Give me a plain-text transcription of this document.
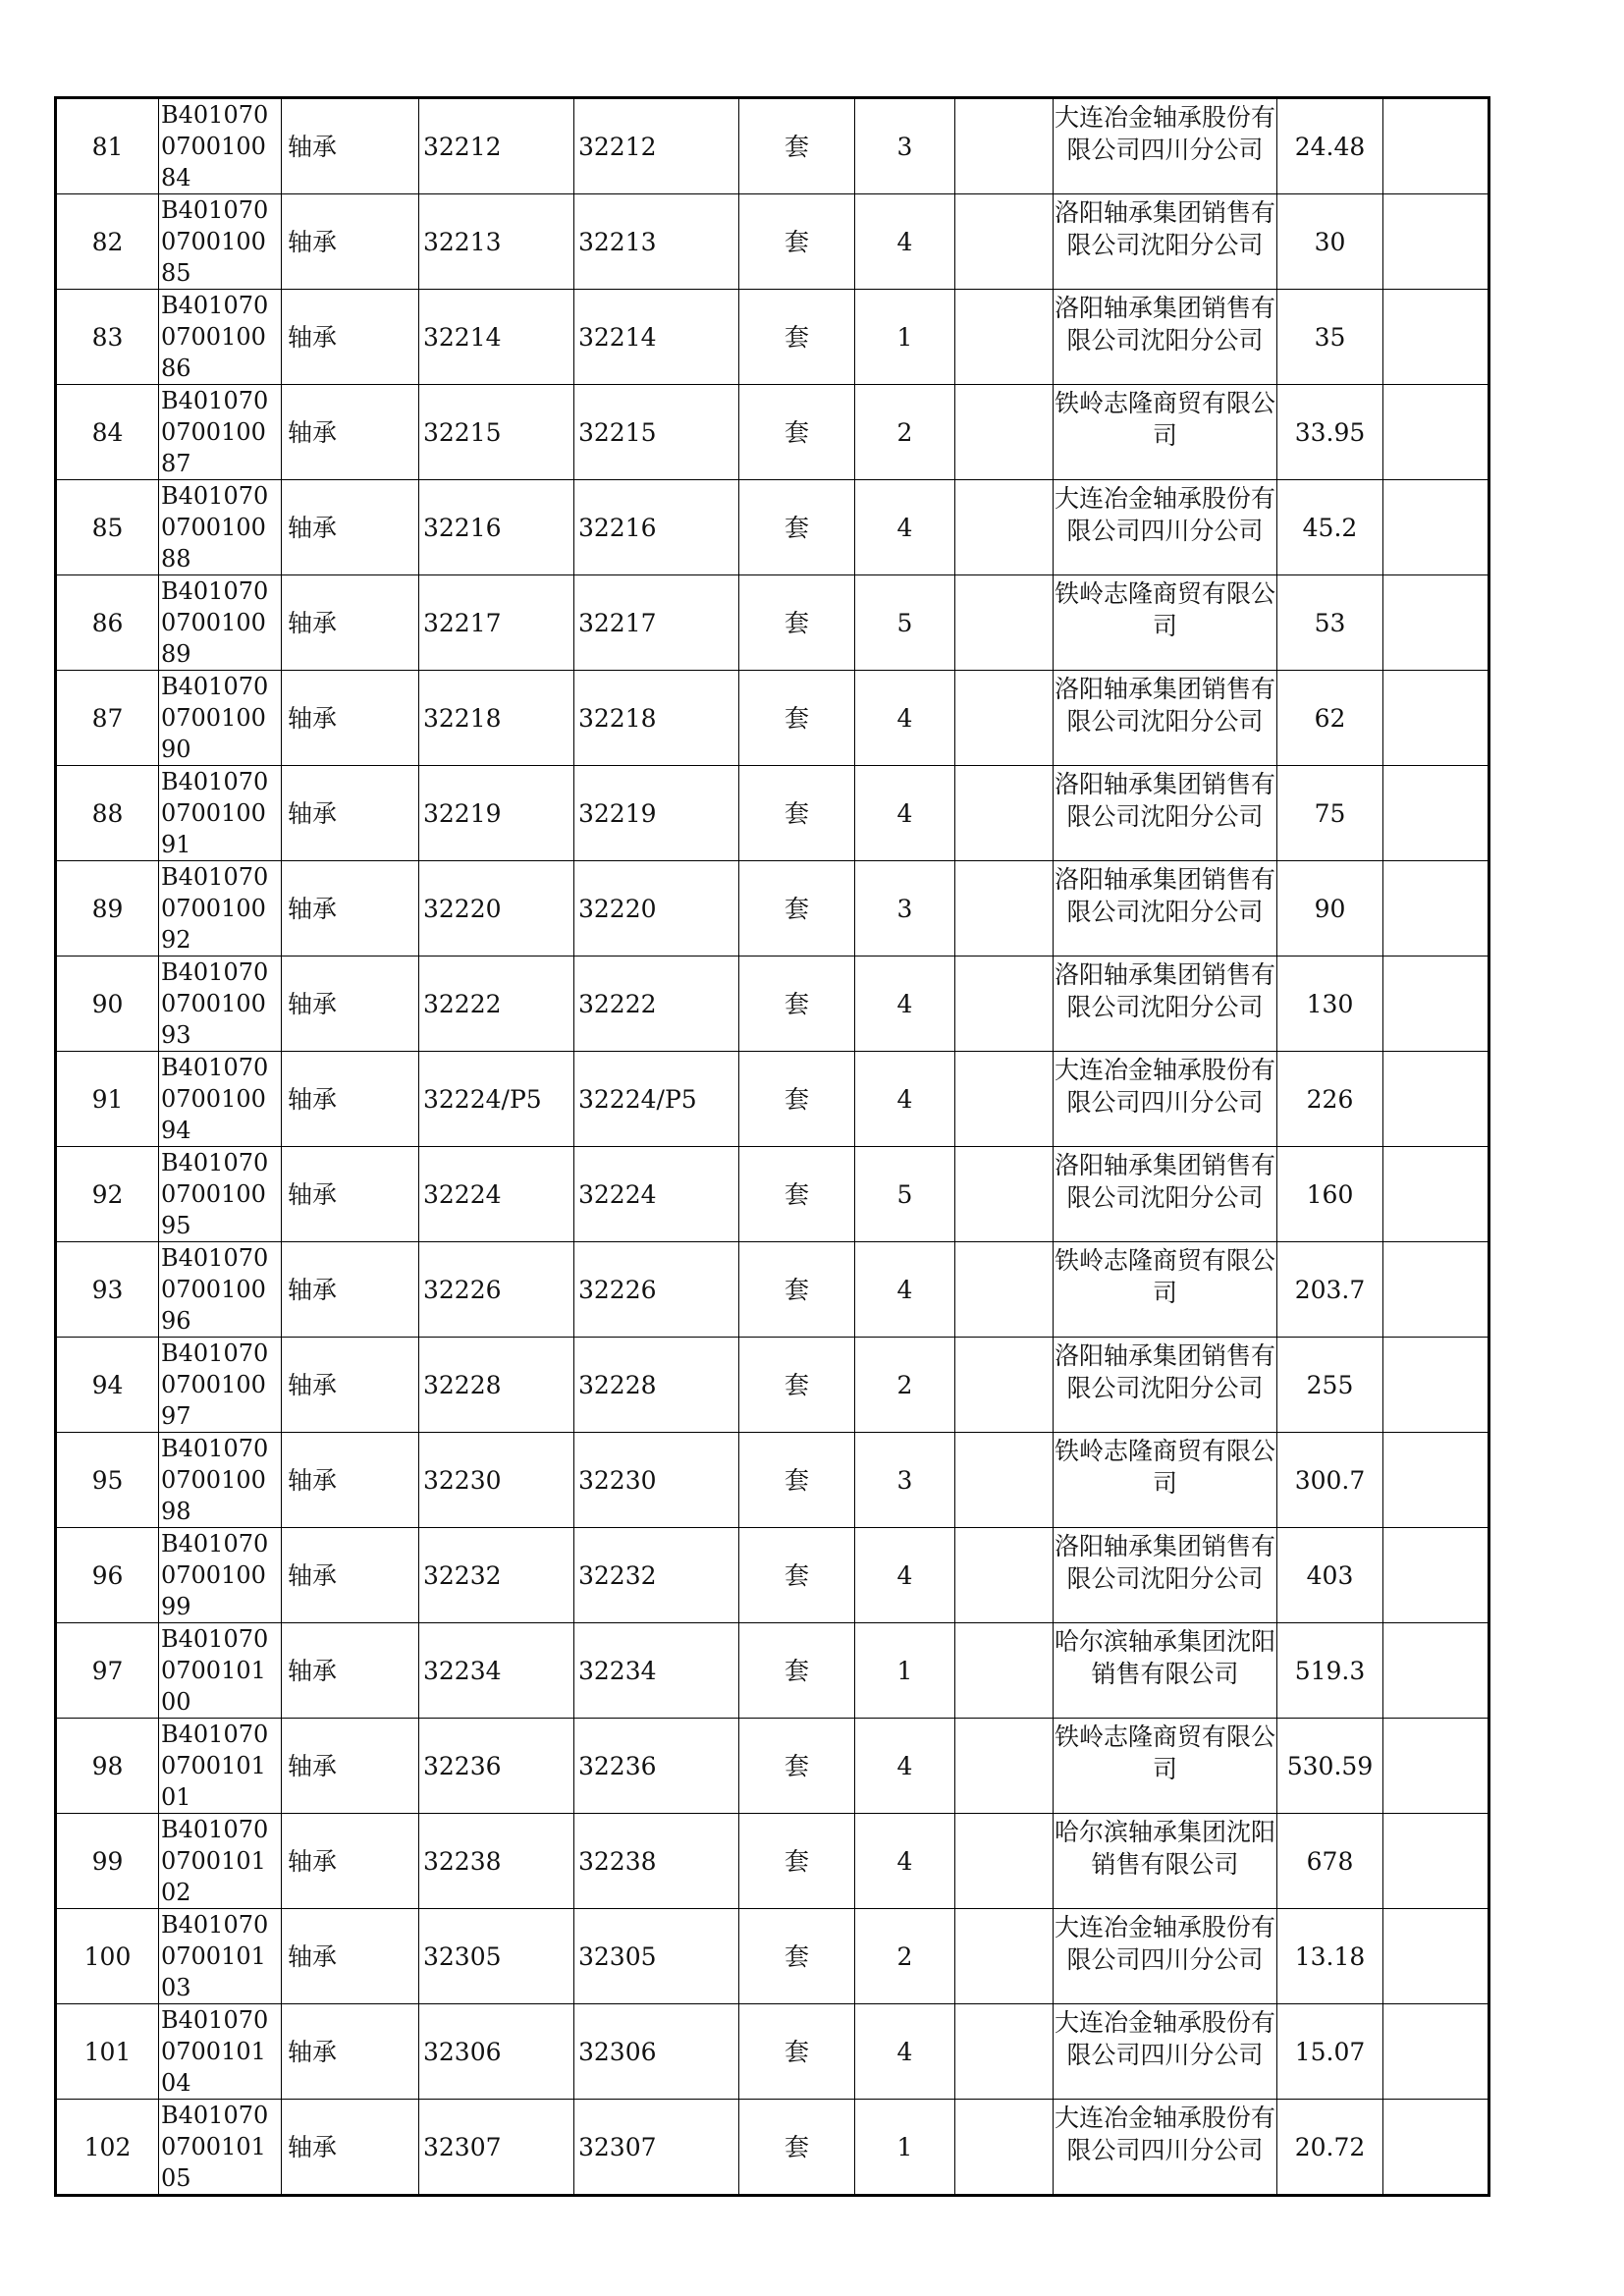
81	B401070070010084	轴承	32212	32212	套	3		大连冶金轴承股份有限公司四川分公司	24.48	
82	B401070070010085	轴承	32213	32213	套	4		洛阳轴承集团销售有限公司沈阳分公司	30	
83	B401070070010086	轴承	32214	32214	套	1		洛阳轴承集团销售有限公司沈阳分公司	35	
84	B401070070010087	轴承	32215	32215	套	2		铁岭志隆商贸有限公司	33.95	
85	B401070070010088	轴承	32216	32216	套	4		大连冶金轴承股份有限公司四川分公司	45.2	
86	B401070070010089	轴承	32217	32217	套	5		铁岭志隆商贸有限公司	53	
87	B401070070010090	轴承	32218	32218	套	4		洛阳轴承集团销售有限公司沈阳分公司	62	
88	B401070070010091	轴承	32219	32219	套	4		洛阳轴承集团销售有限公司沈阳分公司	75	
89	B401070070010092	轴承	32220	32220	套	3		洛阳轴承集团销售有限公司沈阳分公司	90	
90	B401070070010093	轴承	32222	32222	套	4		洛阳轴承集团销售有限公司沈阳分公司	130	
91	B401070070010094	轴承	32224/P5	32224/P5	套	4		大连冶金轴承股份有限公司四川分公司	226	
92	B401070070010095	轴承	32224	32224	套	5		洛阳轴承集团销售有限公司沈阳分公司	160	
93	B401070070010096	轴承	32226	32226	套	4		铁岭志隆商贸有限公司	203.7	
94	B401070070010097	轴承	32228	32228	套	2		洛阳轴承集团销售有限公司沈阳分公司	255	
95	B401070070010098	轴承	32230	32230	套	3		铁岭志隆商贸有限公司	300.7	
96	B401070070010099	轴承	32232	32232	套	4		洛阳轴承集团销售有限公司沈阳分公司	403	
97	B401070070010100	轴承	32234	32234	套	1		哈尔滨轴承集团沈阳销售有限公司	519.3	
98	B401070070010101	轴承	32236	32236	套	4		铁岭志隆商贸有限公司	530.59	
99	B401070070010102	轴承	32238	32238	套	4		哈尔滨轴承集团沈阳销售有限公司	678	
100	B401070070010103	轴承	32305	32305	套	2		大连冶金轴承股份有限公司四川分公司	13.18	
101	B401070070010104	轴承	32306	32306	套	4		大连冶金轴承股份有限公司四川分公司	15.07	
102	B401070070010105	轴承	32307	32307	套	1		大连冶金轴承股份有限公司四川分公司	20.72	
